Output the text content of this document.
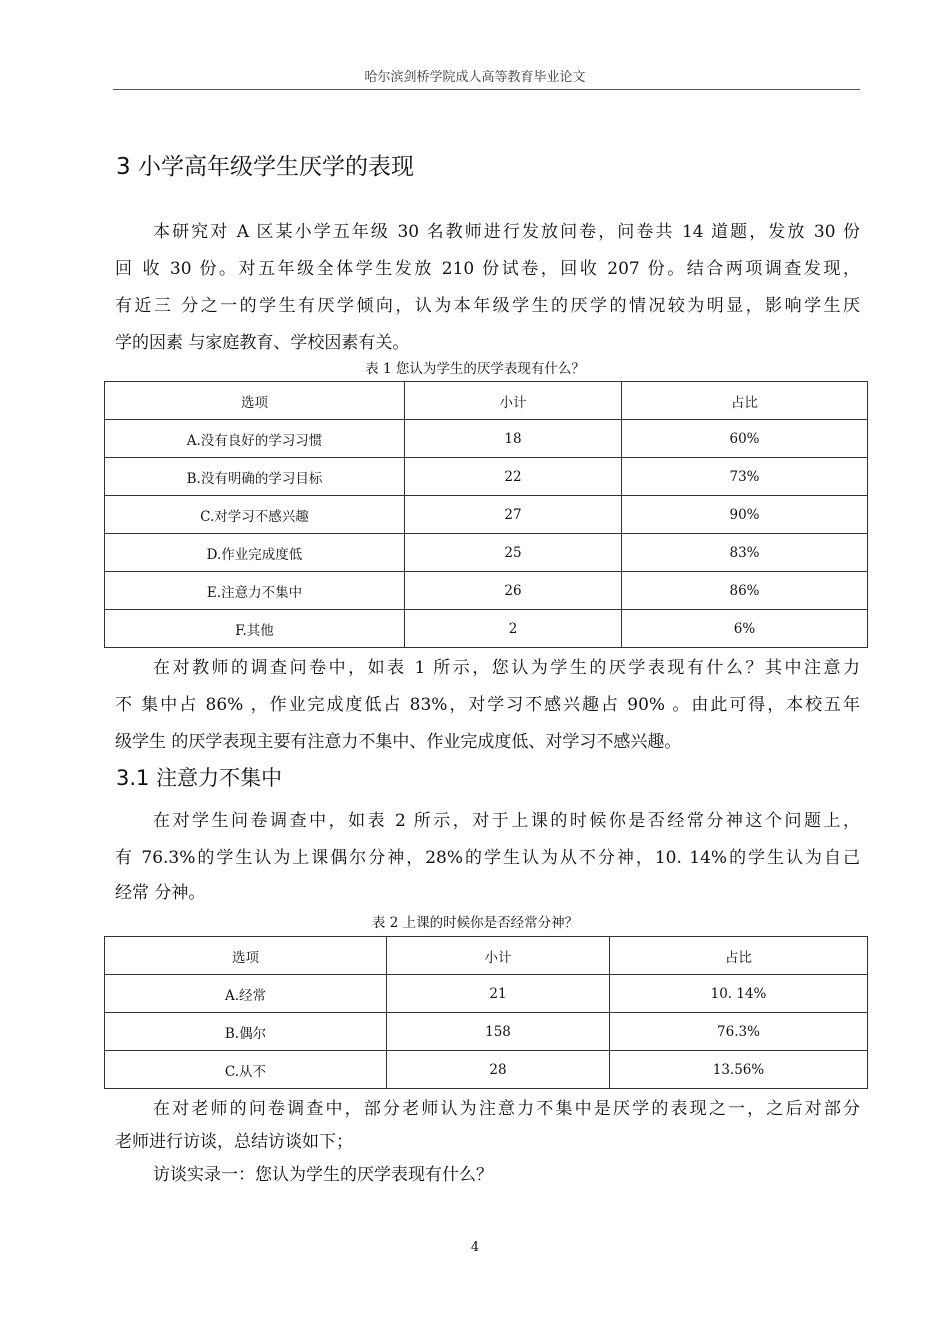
哈尔滨剑桥学院成人高等教育毕业论文
3 小学高年级学生厌学的表现
本研究对 A 区某小学五年级 30 名教师进行发放问卷，问卷共 14 道题，发放 30 份
回 收 30 份。对五年级全体学生发放 210 份试卷，回收 207 份。结合两项调查发现，
有近三 分之一的学生有厌学倾向，认为本年级学生的厌学的情况较为明显，影响学生厌
学的因素 与家庭教育、学校因素有关。
表 1 您认为学生的厌学表现有什么？
选项	小计	占比
A.没有良好的学习习惯	18	60%
B.没有明确的学习目标	22	73%
C.对学习不感兴趣	27	90%
D.作业完成度低	25	83%
E.注意力不集中	26	86%
F.其他	2	6%
在对教师的调查问卷中，如表 1 所示，您认为学生的厌学表现有什么？其中注意力
不 集中占 86% ，作业完成度低占 83%，对学习不感兴趣占 90% 。由此可得，本校五年
级学生 的厌学表现主要有注意力不集中、作业完成度低、对学习不感兴趣。
3.1 注意力不集中
在对学生问卷调查中，如表 2 所示，对于上课的时候你是否经常分神这个问题上，
有 76.3%的学生认为上课偶尔分神，28%的学生认为从不分神，10. 14%的学生认为自己
经常 分神。
表 2 上课的时候你是否经常分神？
选项	小计	占比
A.经常	21	10. 14%
B.偶尔	158	76.3%
C.从不	28	13.56%
在对老师的问卷调查中，部分老师认为注意力不集中是厌学的表现之一，之后对部分
老师进行访谈，总结访谈如下；
访谈实录一：您认为学生的厌学表现有什么？
4
